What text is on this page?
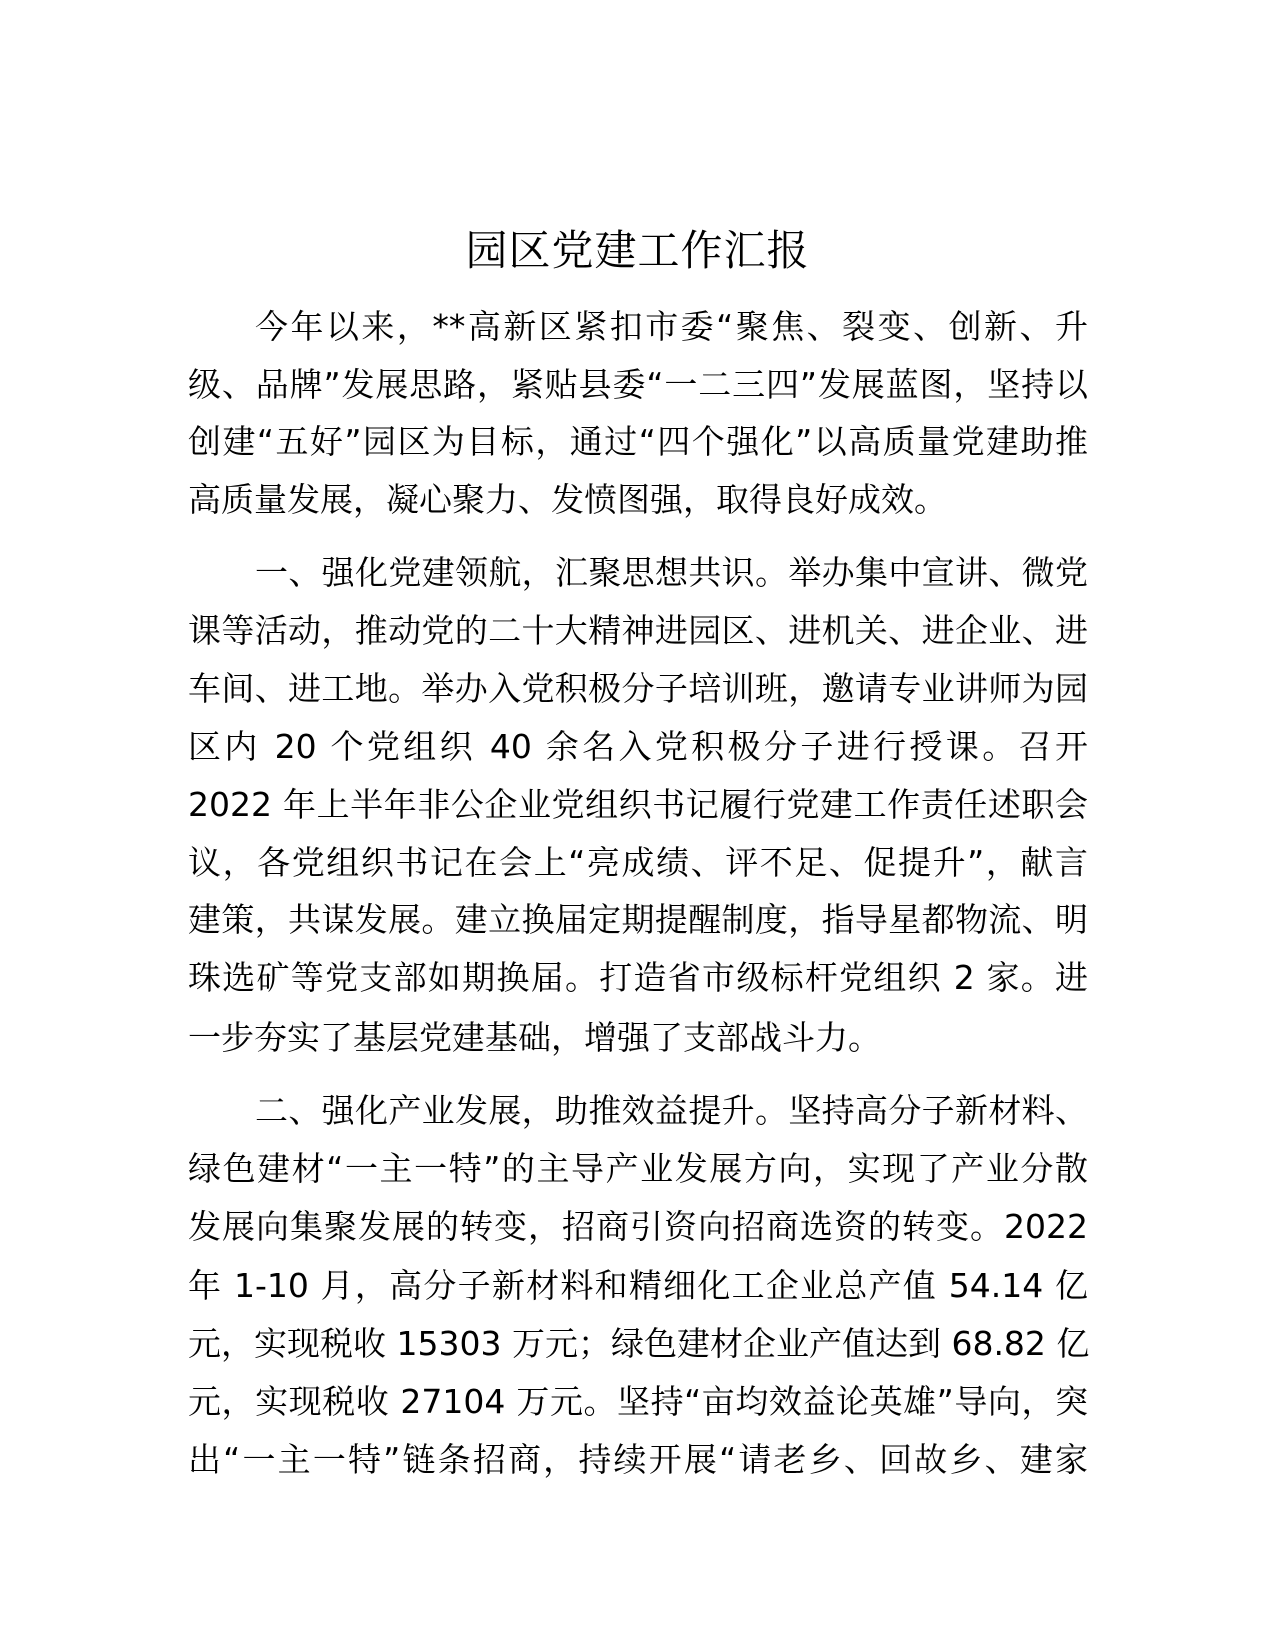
园区党建工作汇报
今年以来，**高新区紧扣市委“聚焦、裂变、创新、升
级、品牌”发展思路，紧贴县委“一二三四”发展蓝图，坚持以
创建“五好”园区为目标，通过“四个强化”以高质量党建助推
高质量发展，凝心聚力、发愤图强，取得良好成效。
一、强化党建领航，汇聚思想共识。举办集中宣讲、微党
课等活动，推动党的二十大精神进园区、进机关、进企业、进
车间、进工地。举办入党积极分子培训班，邀请专业讲师为园
区内 20 个党组织 40 余名入党积极分子进行授课。召开
2022 年上半年非公企业党组织书记履行党建工作责任述职会
议，各党组织书记在会上“亮成绩、评不足、促提升”，献言
建策，共谋发展。建立换届定期提醒制度，指导星都物流、明
珠选矿等党支部如期换届。打造省市级标杆党组织 2 家。进
一步夯实了基层党建基础，增强了支部战斗力。
二、强化产业发展，助推效益提升。坚持高分子新材料、
绿色建材“一主一特”的主导产业发展方向，实现了产业分散
发展向集聚发展的转变，招商引资向招商选资的转变。2022
年 1-10 月，高分子新材料和精细化工企业总产值 54.14 亿
元，实现税收 15303 万元；绿色建材企业产值达到 68.82 亿
元，实现税收 27104 万元。坚持“亩均效益论英雄”导向，突
出“一主一特”链条招商，持续开展“请老乡、回故乡、建家
